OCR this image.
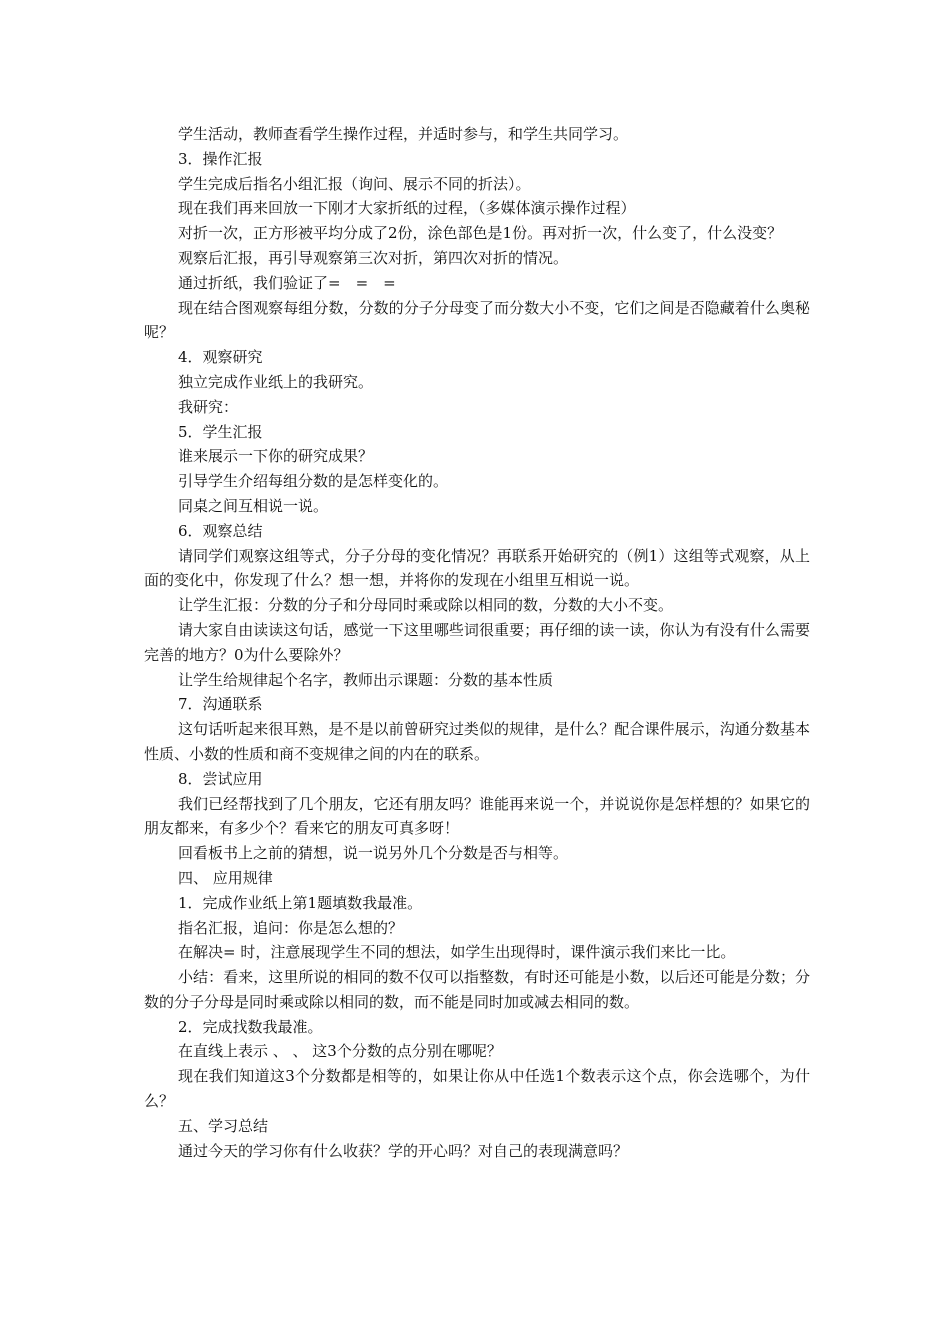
学生活动，教师查看学生操作过程，并适时参与，和学生共同学习。

3．操作汇报

学生完成后指名小组汇报（询问、展示不同的折法）。

现在我们再来回放一下刚才大家折纸的过程，（多媒体演示操作过程）

对折一次，正方形被平均分成了2份，涂色部色是1份。再对折一次，什么变了，什么没变？

观察后汇报，再引导观察第三次对折，第四次对折的情况。

通过折纸，我们验证了=　=　=

现在结合图观察每组分数，分数的分子分母变了而分数大小不变，它们之间是否隐藏着什么奥秘呢？

4．观察研究

独立完成作业纸上的我研究。

我研究：

5．学生汇报

谁来展示一下你的研究成果？

引导学生介绍每组分数的是怎样变化的。

同桌之间互相说一说。

6．观察总结

请同学们观察这组等式，分子分母的变化情况？再联系开始研究的（例1）这组等式观察，从上面的变化中，你发现了什么？想一想，并将你的发现在小组里互相说一说。

让学生汇报：分数的分子和分母同时乘或除以相同的数，分数的大小不变。

请大家自由读读这句话，感觉一下这里哪些词很重要；再仔细的读一读，你认为有没有什么需要完善的地方？0为什么要除外？

让学生给规律起个名字，教师出示课题：分数的基本性质

7．沟通联系

这句话听起来很耳熟，是不是以前曾研究过类似的规律，是什么？配合课件展示，沟通分数基本性质、小数的性质和商不变规律之间的内在的联系。

8．尝试应用

我们已经帮找到了几个朋友，它还有朋友吗？谁能再来说一个，并说说你是怎样想的？如果它的朋友都来，有多少个？看来它的朋友可真多呀！

回看板书上之前的猜想，说一说另外几个分数是否与相等。

四、 应用规律

1．完成作业纸上第1题填数我最准。

指名汇报，追问：你是怎么想的？

在解决= 时，注意展现学生不同的想法，如学生出现得时，课件演示我们来比一比。

小结：看来，这里所说的相同的数不仅可以指整数，有时还可能是小数，以后还可能是分数；分数的分子分母是同时乘或除以相同的数，而不能是同时加或减去相同的数。

2．完成找数我最准。

在直线上表示 、 、 这3个分数的点分别在哪呢？

现在我们知道这3个分数都是相等的，如果让你从中任选1个数表示这个点，你会选哪个，为什么？

五、学习总结

通过今天的学习你有什么收获？学的开心吗？对自己的表现满意吗？
